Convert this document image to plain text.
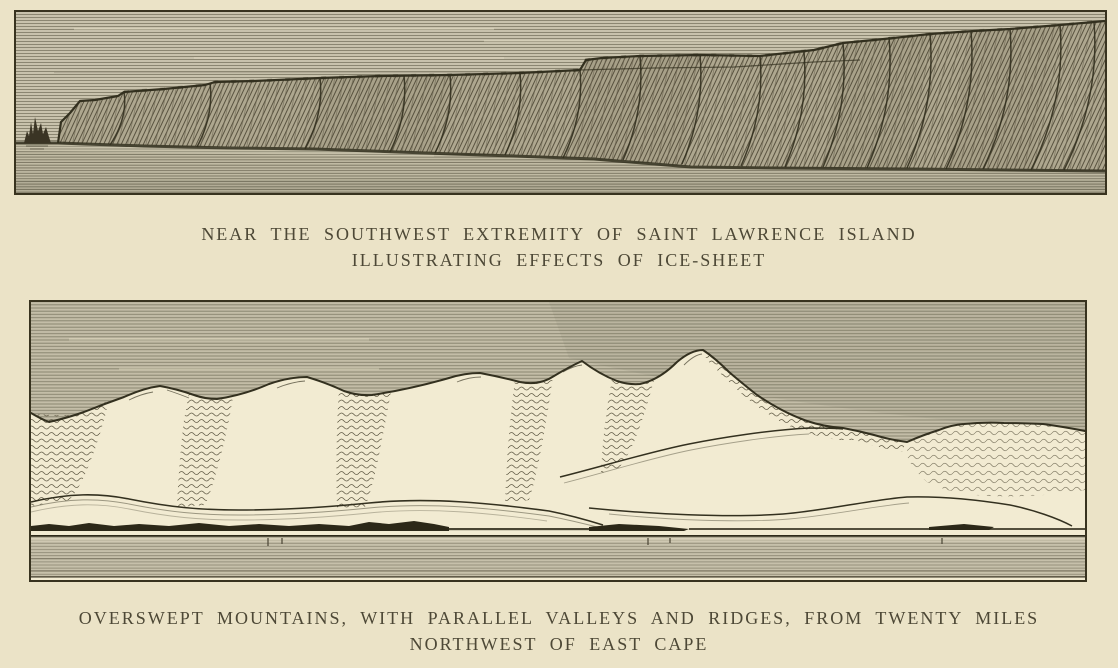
NEAR THE SOUTHWEST EXTREMITY OF SAINT LAWRENCE ISLAND
ILLUSTRATING EFFECTS OF ICE-SHEET
OVERSWEPT MOUNTAINS, WITH PARALLEL VALLEYS AND RIDGES, FROM TWENTY MILES
NORTHWEST OF EAST CAPE
